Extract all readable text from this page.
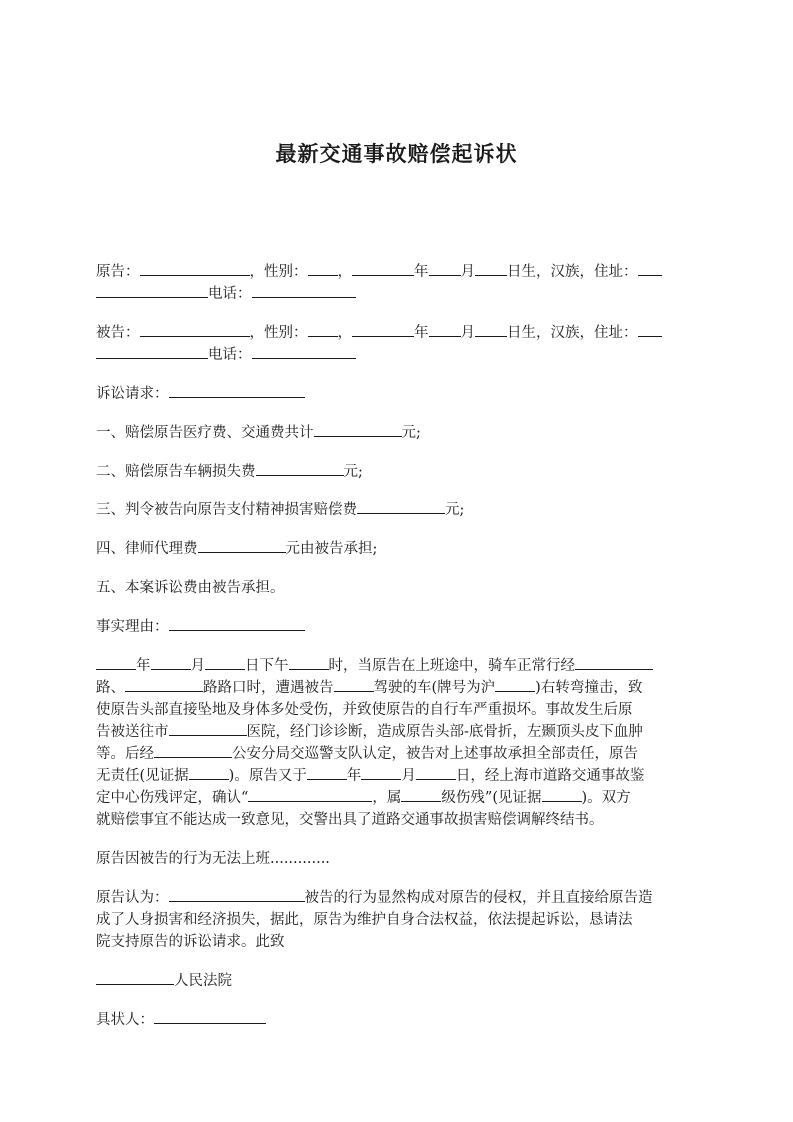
最新交通事故赔偿起诉状
原告：	，性别： ，	年 月 日生，汉族，住址：
电话：
被告：	，性别： ，	年 月 日生，汉族，住址：
电话：
诉讼请求：
一、赔偿原告医疗费、交通费共计	元;
二、赔偿原告车辆损失费	元;
三、判令被告向原告支付精神损害赔偿费	元;
四、律师代理费	元由被告承担;
五、本案诉讼费由被告承担。
事实理由：
年	月	日下午	时，当原告在上班途中，骑车正常行经
路、	路路口时，遭遇被告	驾驶的车(牌号为沪	)右转弯撞击，致
使原告头部直接坠地及身体多处受伤，并致使原告的自行车严重损坏。事故发生后原
告被送往市	医院，经门诊诊断，造成原告头部-底骨折，左颞顶头皮下血肿
等。后经	公安分局交巡警支队认定，被告对上述事故承担全部责任，原告
无责任(见证据	)。原告又于	年	月	日，经上海市道路交通事故鉴
定中心伤残评定，确认“	，属	级伤残”(见证据	)。双方
就赔偿事宜不能达成一致意见，交警出具了道路交通事故损害赔偿调解终结书。
原告因被告的行为无法上班.............
原告认为：	被告的行为显然构成对原告的侵权，并且直接给原告造
成了人身损害和经济损失，据此，原告为维护自身合法权益，依法提起诉讼，恳请法
院支持原告的诉讼请求。此致
人民法院
具状人：
